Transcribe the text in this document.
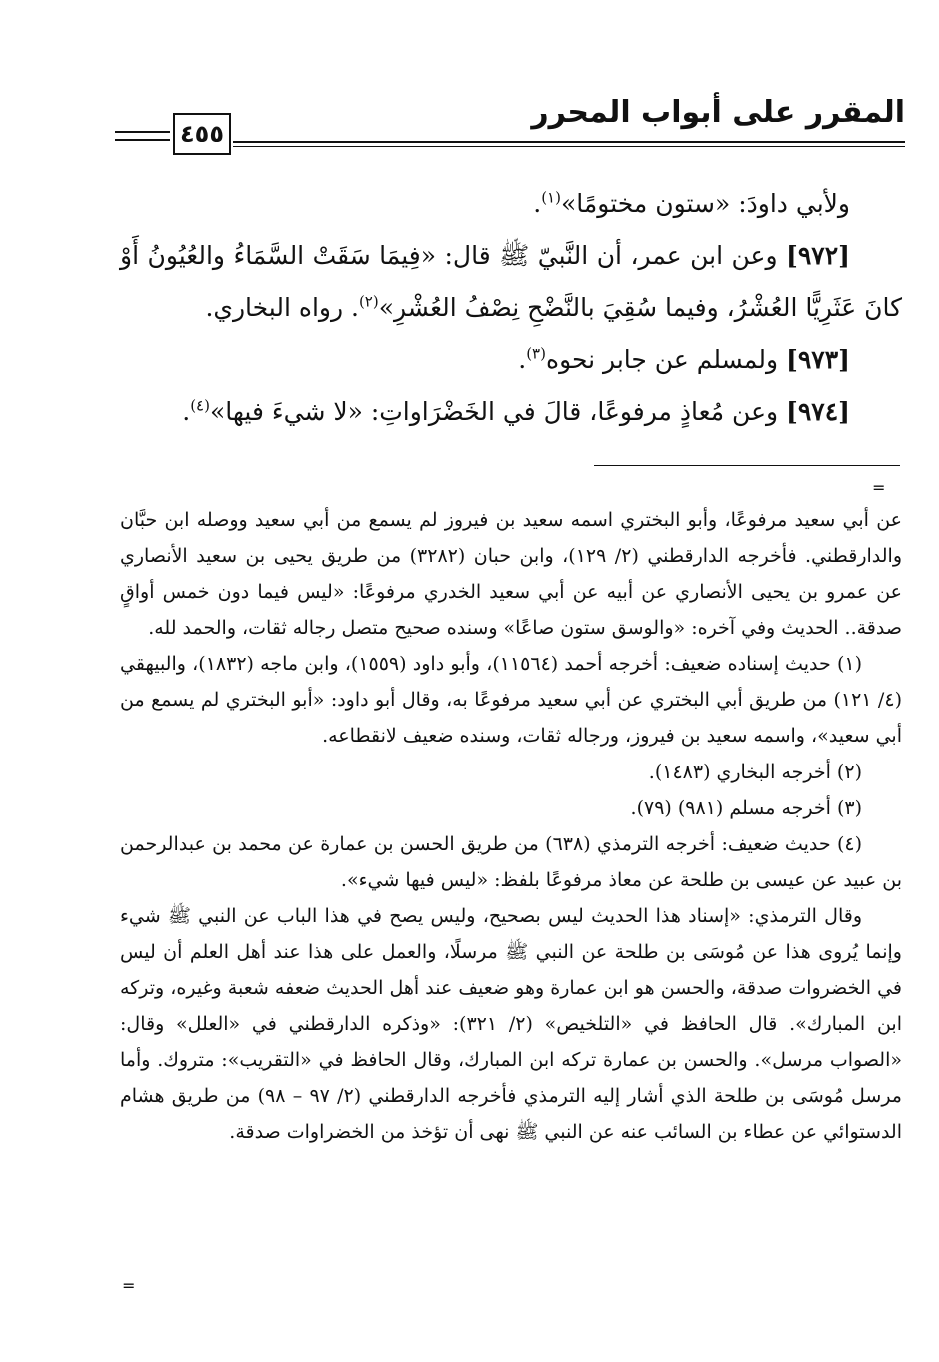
المقرر على أبواب المحرر
٤٥٥

ولأبي داودَ: «ستون مختومًا»$^{(١)}$.

[٩٧٢] وعن ابن عمر، أن النَّبيّ ﷺ قال: «فِيمَا سَقَتْ السَّمَاءُ والعُيُونُ أَوْ كانَ عَثَرِيًّا العُشْرُ، وفيما سُقِيَ بالنَّضْحِ نِصْفُ العُشْرِ»$^{(٢)}$. رواه البخاري.

[٩٧٣] ولمسلم عن جابر نحوه$^{(٣)}$.

[٩٧٤] وعن مُعاذٍ مرفوعًا، قالَ في الخَضْرَاواتِ: «لا شيءَ فيها»$^{(٤)}$.

=

عن أبي سعيد مرفوعًا، وأبو البختري اسمه سعيد بن فيروز لم يسمع من أبي سعيد ووصله ابن حبَّان والدارقطني. فأخرجه الدارقطني (٢/ ١٢٩)، وابن حبان (٣٢٨٢) من طريق يحيى بن سعيد الأنصاري عن عمرو بن يحيى الأنصاري عن أبيه عن أبي سعيد الخدري مرفوعًا: «ليس فيما دون خمس أواقٍ صدقة.. الحديث وفي آخره: «والوسق ستون صاعًا» وسنده صحيح متصل رجاله ثقات، والحمد لله.

(١) حديث إسناده ضعيف: أخرجه أحمد (١١٥٦٤)، وأبو داود (١٥٥٩)، وابن ماجه (١٨٣٢)، والبيهقي (٤/ ١٢١) من طريق أبي البختري عن أبي سعيد مرفوعًا به، وقال أبو داود: «أبو البختري لم يسمع من أبي سعيد»، واسمه سعيد بن فيروز، ورجاله ثقات، وسنده ضعيف لانقطاعه.

(٢) أخرجه البخاري (١٤٨٣).

(٣) أخرجه مسلم (٩٨١) (٧٩).

(٤) حديث ضعيف: أخرجه الترمذي (٦٣٨) من طريق الحسن بن عمارة عن محمد بن عبدالرحمن بن عبيد عن عيسى بن طلحة عن معاذ مرفوعًا بلفظ: «ليس فيها شيء».

وقال الترمذي: «إسناد هذا الحديث ليس بصحيح، وليس يصح في هذا الباب عن النبي ﷺ شيء وإنما يُروى هذا عن مُوسَى بن طلحة عن النبي ﷺ مرسلًا، والعمل على هذا عند أهل العلم أن ليس في الخضروات صدقة، والحسن هو ابن عمارة وهو ضعيف عند أهل الحديث ضعفه شعبة وغيره، وتركه ابن المبارك». قال الحافظ في «التلخيص» (٢/ ٣٢١): «وذكره الدارقطني في «العلل» وقال: «الصواب مرسل». والحسن بن عمارة تركه ابن المبارك، وقال الحافظ في «التقريب»: متروك. وأما مرسل مُوسَى بن طلحة الذي أشار إليه الترمذي فأخرجه الدارقطني (٢/ ٩٧ – ٩٨) من طريق هشام الدستوائي عن عطاء بن السائب عنه عن النبي ﷺ نهى أن تؤخذ من الخضراوات صدقة.

=
